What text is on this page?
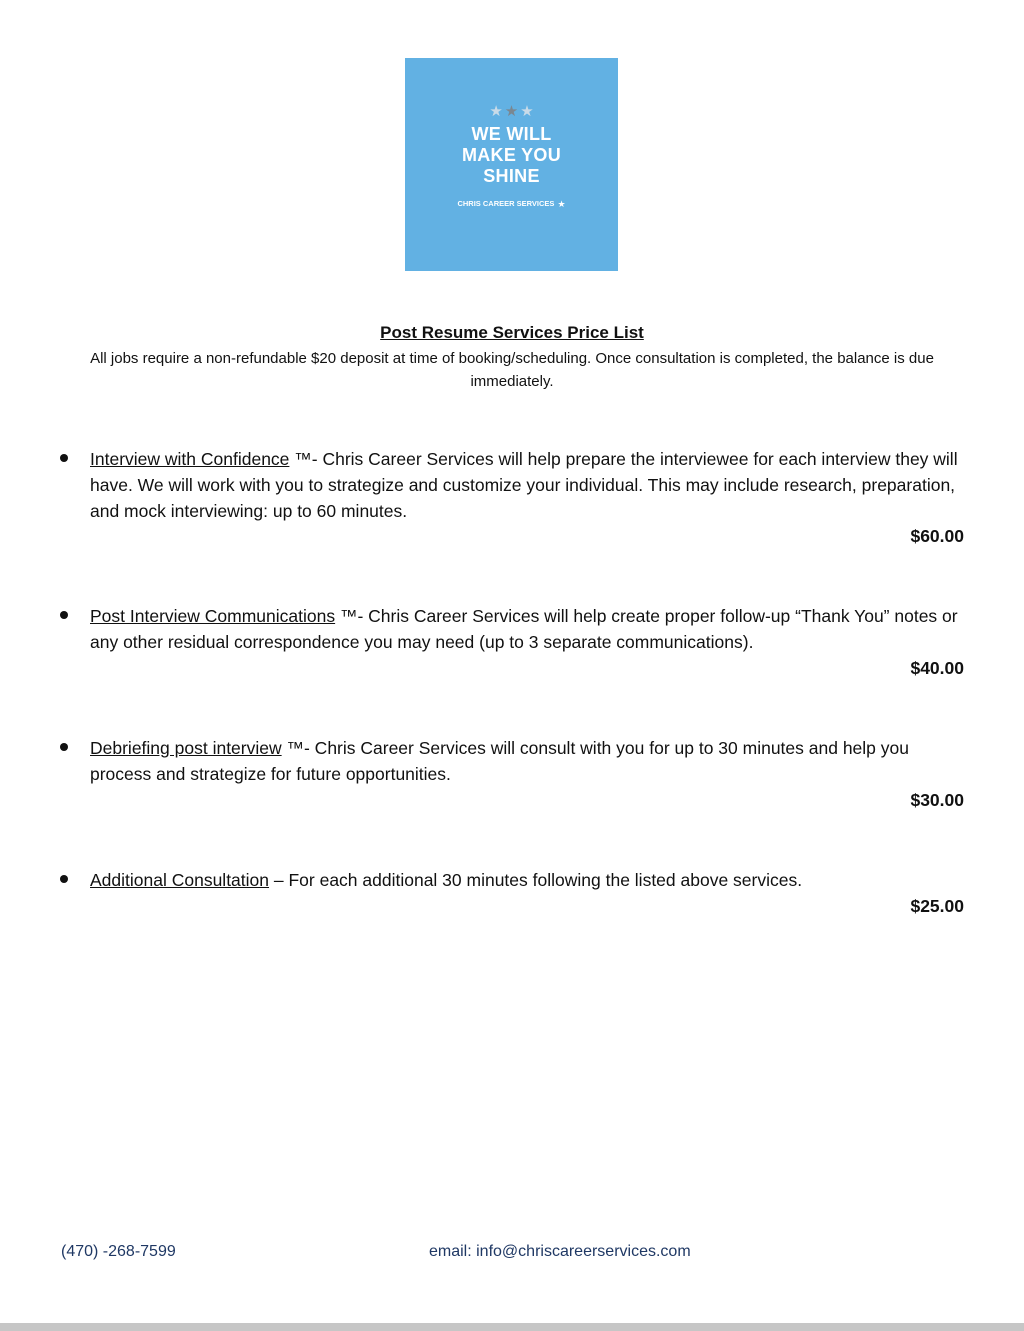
★ ★ ★
WE WILL
MAKE YOU
SHINE
CHRIS CAREER SERVICES ★
Post Resume Services Price List
All jobs require a non-refundable $20 deposit at time of booking/scheduling. Once consultation is completed, the balance is due immediately.
Interview with Confidence ™- Chris Career Services will help prepare the interviewee for each interview they will have. We will work with you to strategize and customize your individual. This may include research, preparation, and mock interviewing: up to 60 minutes.
$60.00
Post Interview Communications ™- Chris Career Services will help create proper follow-up “Thank You” notes or any other residual correspondence you may need (up to 3 separate communications).
$40.00
Debriefing post interview ™- Chris Career Services will consult with you for up to 30 minutes and help you process and strategize for future opportunities.
$30.00
Additional Consultation – For each additional 30 minutes following the listed above services.
$25.00
(470) -268-7599	email: info@chriscareerservices.com
